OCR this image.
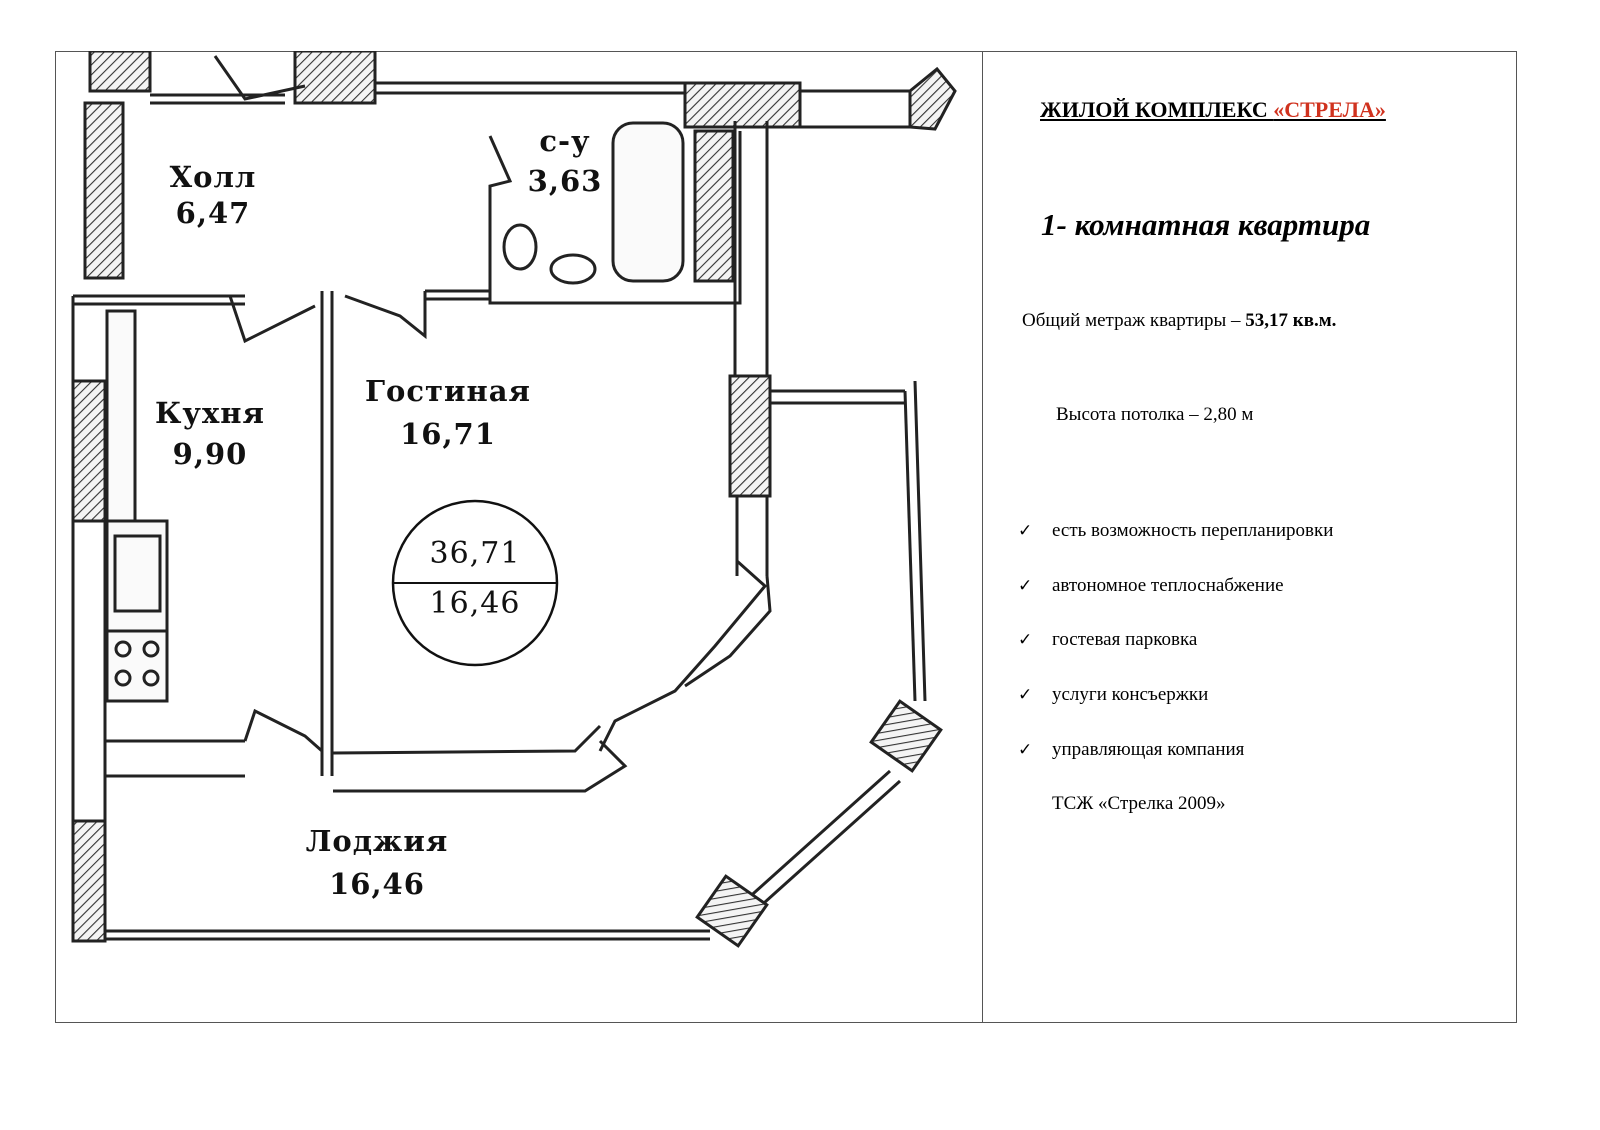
Холл
6,47
с-у
3,63
Кухня
9,90
Гостиная
16,71
Лоджия
16,46
36,71
16,46
ЖИЛОЙ КОМПЛЕКС «СТРЕЛА»
1- комнатная квартира
Общий метраж квартиры – 53,17 кв.м.
Высота потолка – 2,80 м
✓ есть возможность перепланировки
✓ автономное теплоснабжение
✓ гостевая парковка
✓ услуги консъержки
✓ управляющая компания
ТСЖ «Стрелка 2009»
